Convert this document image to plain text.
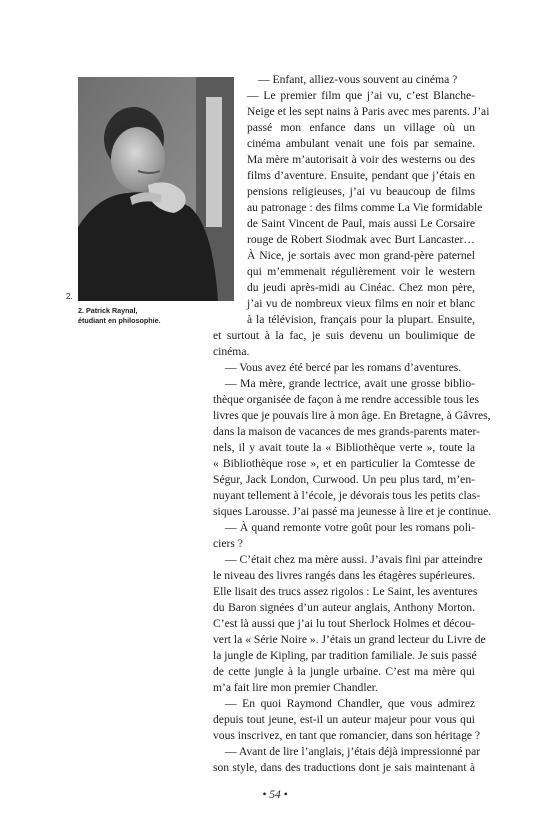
2.
2. Patrick Raynal,
étudiant en philosophie.
— Enfant, alliez-vous souvent au cinéma ?
— Le premier film que j’ai vu, c’est Blanche-
Neige et les sept nains à Paris avec mes parents. J’ai
passé mon enfance dans un village où un
cinéma ambulant venait une fois par semaine.
Ma mère m’autorisait à voir des westerns ou des
films d’aventure. Ensuite, pendant que j’étais en
pensions religieuses, j’ai vu beaucoup de films
au patronage : des films comme La Vie formidable
de Saint Vincent de Paul, mais aussi Le Corsaire
rouge de Robert Siodmak avec Burt Lancaster…
À Nice, je sortais avec mon grand-père paternel
qui m’emmenait régulièrement voir le western
du jeudi après-midi au Cinéac. Chez mon père,
j’ai vu de nombreux vieux films en noir et blanc
à la télévision, français pour la plupart. Ensuite,
et surtout à la fac, je suis devenu un boulimique de
cinéma.
— Vous avez été bercé par les romans d’aventures.
— Ma mère, grande lectrice, avait une grosse biblio-
thèque organisée de façon à me rendre accessible tous les
livres que je pouvais lire à mon âge. En Bretagne, à Gâvres,
dans la maison de vacances de mes grands-parents mater-
nels, il y avait toute la « Bibliothèque verte », toute la
« Bibliothèque rose », et en particulier la Comtesse de
Ségur, Jack London, Curwood. Un peu plus tard, m’en-
nuyant tellement à l’école, je dévorais tous les petits clas-
siques Larousse. J’ai passé ma jeunesse à lire et je continue.
— À quand remonte votre goût pour les romans poli-
ciers ?
— C’était chez ma mère aussi. J’avais fini par atteindre
le niveau des livres rangés dans les étagères supérieures.
Elle lisait des trucs assez rigolos : Le Saint, les aventures
du Baron signées d’un auteur anglais, Anthony Morton.
C’est là aussi que j’ai lu tout Sherlock Holmes et décou-
vert la « Série Noire ». J’étais un grand lecteur du Livre de
la jungle de Kipling, par tradition familiale. Je suis passé
de cette jungle à la jungle urbaine. C’est ma mère qui
m’a fait lire mon premier Chandler.
— En quoi Raymond Chandler, que vous admirez
depuis tout jeune, est-il un auteur majeur pour vous qui
vous inscrivez, en tant que romancier, dans son héritage ?
— Avant de lire l’anglais, j’étais déjà impressionné par
son style, dans des traductions dont je sais maintenant à
• 54 •
